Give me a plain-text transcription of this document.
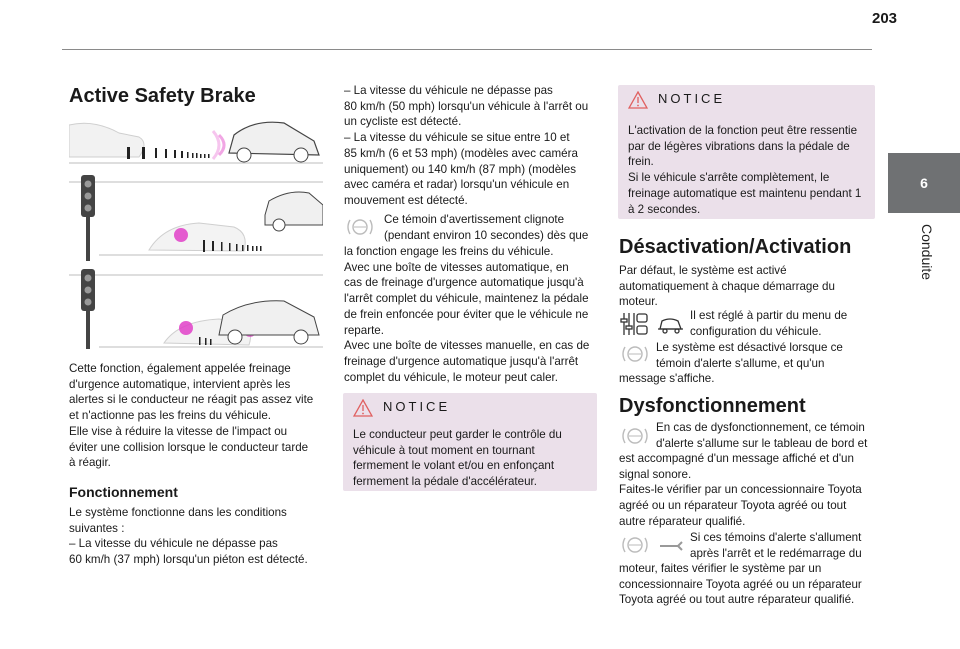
203
6
Conduite
Active Safety Brake
Cette fonction, également appelée freinage
d'urgence automatique, intervient après les
alertes si le conducteur ne réagit pas assez vite
et n'actionne pas les freins du véhicule.
Elle vise à réduire la vitesse de l'impact ou
éviter une collision lorsque le conducteur tarde
à réagir.
Fonctionnement
Le système fonctionne dans les conditions
suivantes :
– La vitesse du véhicule ne dépasse pas
60 km/h (37 mph) lorsqu'un piéton est détecté.
– La vitesse du véhicule ne dépasse pas
80 km/h (50 mph) lorsqu'un véhicule à l'arrêt ou
un cycliste est détecté.
– La vitesse du véhicule se situe entre 10 et
85 km/h (6 et 53 mph) (modèles avec caméra
uniquement) ou 140 km/h (87 mph) (modèles
avec caméra et radar) lorsqu'un véhicule en
mouvement est détecté.
Ce témoin d'avertissement clignote
(pendant environ 10 secondes) dès que
la fonction engage les freins du véhicule.
Avec une boîte de vitesses automatique, en
cas de freinage d'urgence automatique jusqu'à
l'arrêt complet du véhicule, maintenez la pédale
de frein enfoncée pour éviter que le véhicule ne
reparte.
Avec une boîte de vitesses manuelle, en cas de
freinage d'urgence automatique jusqu'à l'arrêt
complet du véhicule, le moteur peut caler.
NOTICE
Le conducteur peut garder le contrôle du
véhicule à tout moment en tournant
fermement le volant et/ou en enfonçant
fermement la pédale d'accélérateur.
NOTICE
L'activation de la fonction peut être ressentie
par de légères vibrations dans la pédale de
frein.
Si le véhicule s'arrête complètement, le
freinage automatique est maintenu pendant 1
à 2 secondes.
Désactivation/Activation
Par défaut, le système est activé
automatiquement à chaque démarrage du
moteur.
Il est réglé à partir du menu de
configuration du véhicule.
Le système est désactivé lorsque ce
témoin d'alerte s'allume, et qu'un
message s'affiche.
Dysfonctionnement
En cas de dysfonctionnement, ce témoin
d'alerte s'allume sur le tableau de bord et
est accompagné d'un message affiché et d'un
signal sonore.
Faites-le vérifier par un concessionnaire Toyota
agréé ou un réparateur Toyota agréé ou tout
autre réparateur qualifié.
Si ces témoins d'alerte s'allument
après l'arrêt et le redémarrage du
moteur, faites vérifier le système par un
concessionnaire Toyota agréé ou un réparateur
Toyota agréé ou tout autre réparateur qualifié.
